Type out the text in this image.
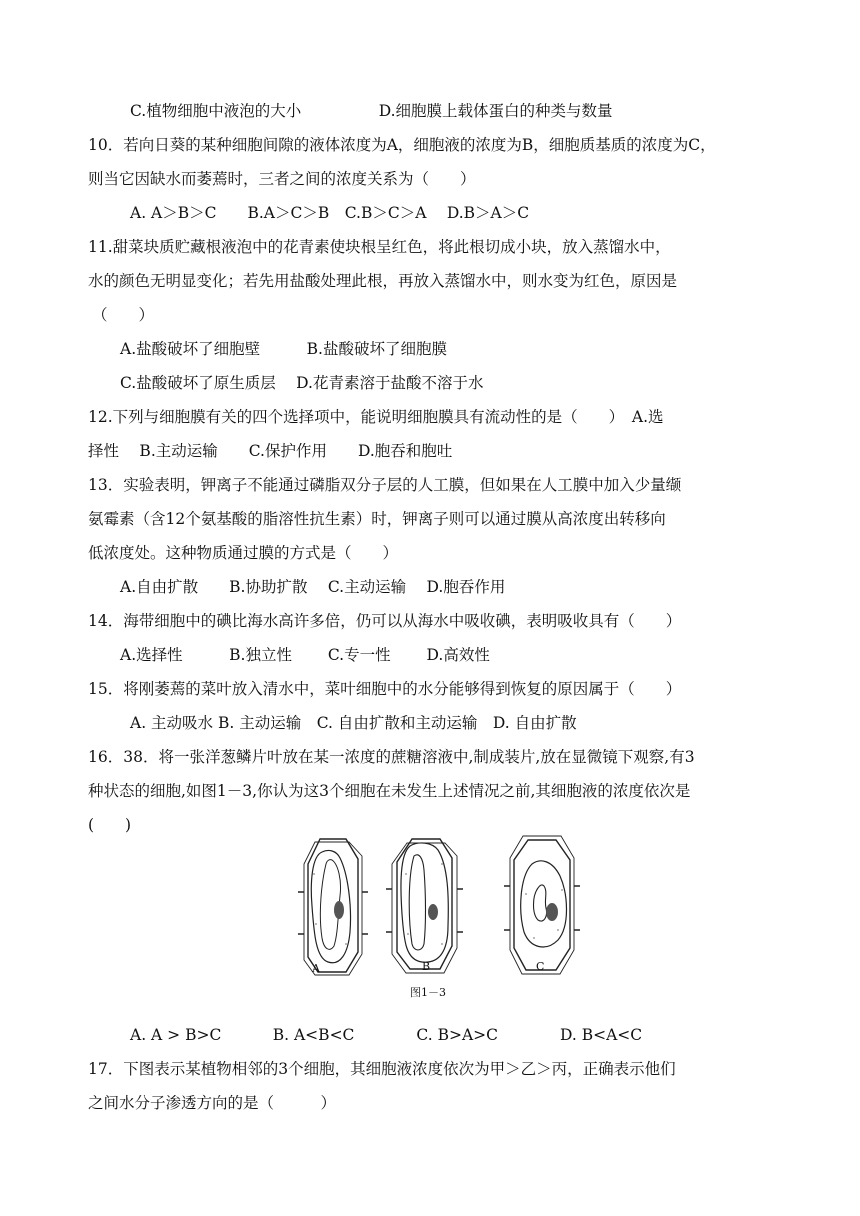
C.植物细胞中液泡的大小　　　　　D.细胞膜上载体蛋白的种类与数量
10．若向日葵的某种细胞间隙的液体浓度为A，细胞液的浓度为B，细胞质基质的浓度为C，
则当它因缺水而萎蔫时，三者之间的浓度关系为（　　）
A. A＞B＞C　　B.A＞C＞B　C.B＞C＞A　 D.B＞A＞C
11.甜菜块质贮藏根液泡中的花青素使块根呈红色，将此根切成小块，放入蒸馏水中，
水的颜色无明显变化；若先用盐酸处理此根，再放入蒸馏水中，则水变为红色，原因是
（　　）
A.盐酸破坏了细胞壁　　　B.盐酸破坏了细胞膜
C.盐酸破坏了原生质层　 D.花青素溶于盐酸不溶于水
12.下列与细胞膜有关的四个选择项中，能说明细胞膜具有流动性的是（　　）　A.选
择性　 B.主动运输　　C.保护作用　　D.胞吞和胞吐
13．实验表明，钾离子不能通过磷脂双分子层的人工膜，但如果在人工膜中加入少量缬
氨霉素（含12个氨基酸的脂溶性抗生素）时，钾离子则可以通过膜从高浓度出转移向
低浓度处。这种物质通过膜的方式是（　　）
A.自由扩散　　B.协助扩散　 C.主动运输　 D.胞吞作用
14．海带细胞中的碘比海水高许多倍，仍可以从海水中吸收碘，表明吸收具有（　　）
A.选择性　　　B.独立性　　 C.专一性　　 D.高效性
15．将刚萎蔫的菜叶放入清水中，菜叶细胞中的水分能够得到恢复的原因属于（　　）
A. 主动吸水 B. 主动运输　C. 自由扩散和主动运输　D. 自由扩散
16．38．将一张洋葱鳞片叶放在某一浓度的蔗糖溶液中,制成装片,放在显微镜下观察,有3
种状态的细胞,如图1－3,你认为这3个细胞在未发生上述情况之前,其细胞液的浓度依次是
(　　)
A	B	C
图1－3
A. A > B>C　　　 B. A<B<C　　　　C. B>A>C　　　　D. B<A<C
17．下图表示某植物相邻的3个细胞，其细胞液浓度依次为甲＞乙＞丙，正确表示他们
之间水分子渗透方向的是（　　　）
